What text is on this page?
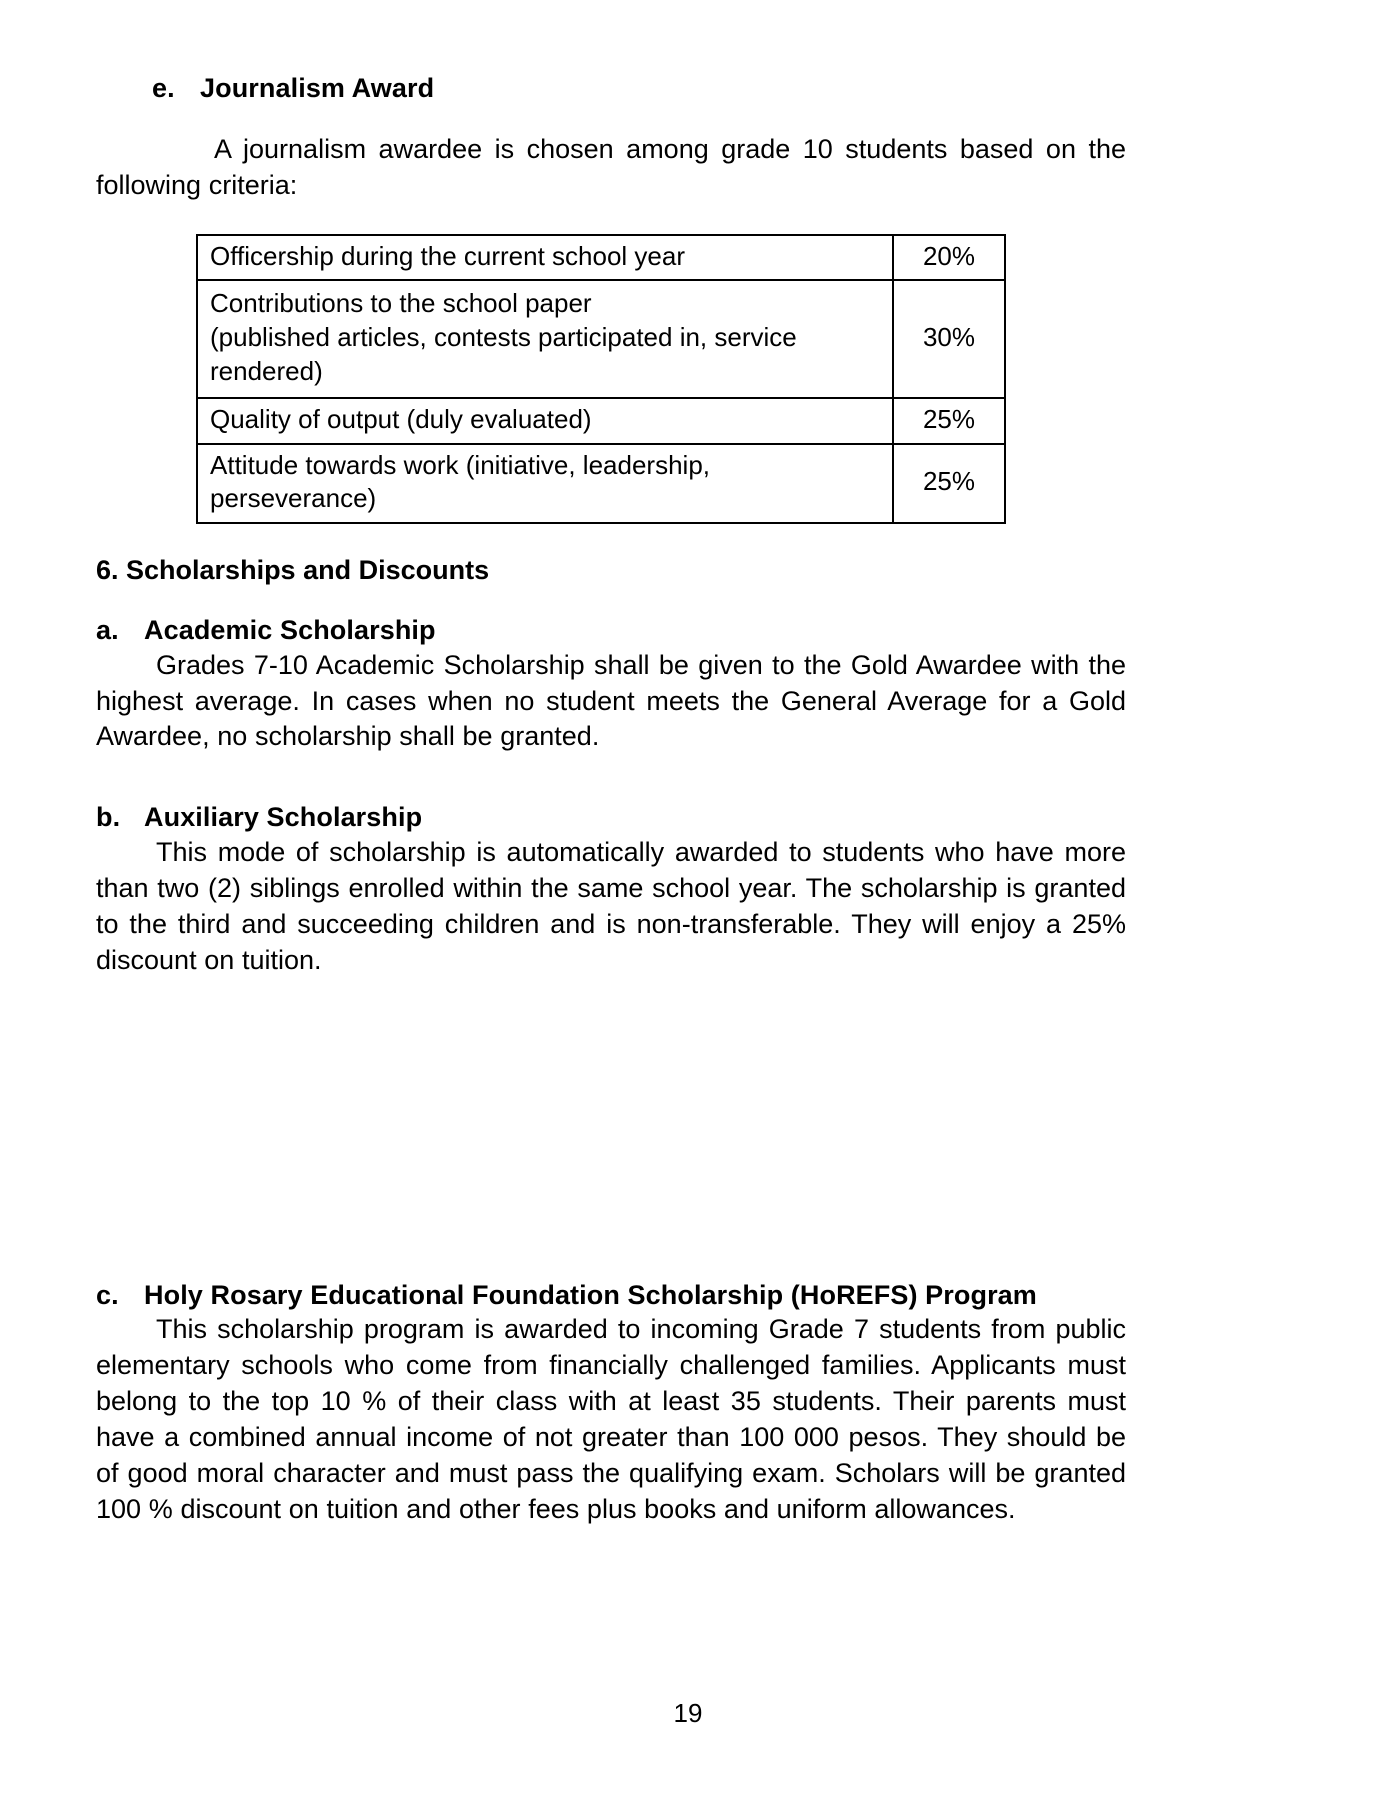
e. Journalism Award

A journalism awardee is chosen among grade 10 students based on the following criteria:

Officership during the current school year	20%

Contributions to the school paper
(published articles, contests participated in, service
rendered)	30%

Quality of output (duly evaluated)	25%

Attitude towards work (initiative, leadership, perseverance)	25%
6. Scholarships and Discounts
a. Academic Scholarship

Grades 7-10 Academic Scholarship shall be given to the Gold Awardee with the highest average. In cases when no student meets the General Average for a Gold Awardee, no scholarship shall be granted.

b. Auxiliary Scholarship

This mode of scholarship is automatically awarded to students who have more than two (2) siblings enrolled within the same school year. The scholarship is granted to the third and succeeding children and is non-transferable. They will enjoy a 25% discount on tuition.

c. Holy Rosary Educational Foundation Scholarship (HoREFS) Program

This scholarship program is awarded to incoming Grade 7 students from public elementary schools who come from financially challenged families. Applicants must belong to the top 10 % of their class with at least 35 students. Their parents must have a combined annual income of not greater than 100 000 pesos. They should be of good moral character and must pass the qualifying exam. Scholars will be granted 100 % discount on tuition and other fees plus books and uniform allowances.

19
